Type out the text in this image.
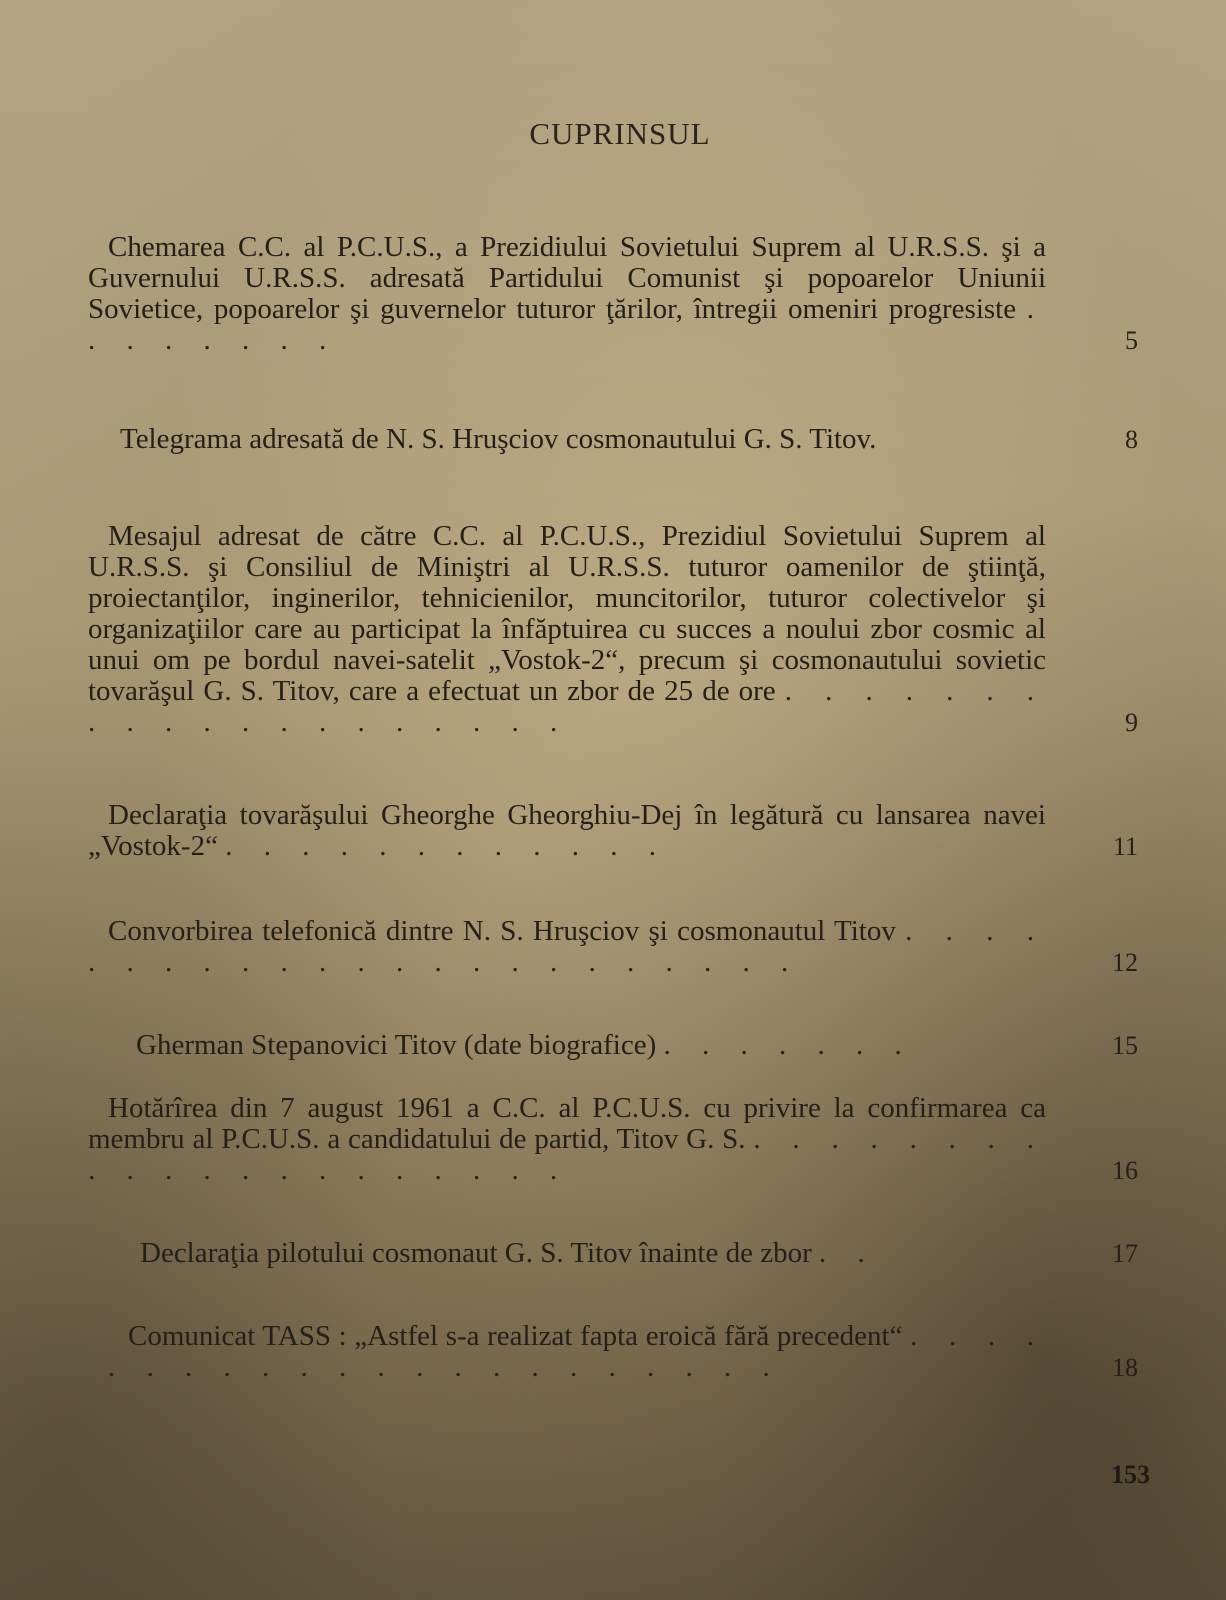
CUPRINSUL
Chemarea C.C. al P.C.U.S., a Prezidiului Sovietului Suprem al U.R.S.S. şi a Guvernului U.R.S.S. adresată Partidului Comunist şi popoarelor Uniunii Sovietice, popoarelor şi guvernelor tuturor ţărilor, întregii omeniri progresiste . . . . . . . .	5
Telegrama adresată de N. S. Hruşciov cosmonautului G. S. Titov.	8
Mesajul adresat de către C.C. al P.C.U.S., Prezidiul Sovietului Suprem al U.R.S.S. şi Consiliul de Miniştri al U.R.S.S. tuturor oamenilor de ştiinţă, proiectanţilor, inginerilor, tehnicienilor, muncitorilor, tuturor colectivelor şi organizaţiilor care au participat la înfăptuirea cu succes a noului zbor cosmic al unui om pe bordul navei-satelit „Vostok-2“, precum şi cosmonautului sovietic tovarăşul G. S. Titov, care a efectuat un zbor de 25 de ore . . . . . . . . . . . . . . . . . . . .	9
Declaraţia tovarăşului Gheorghe Gheorghiu-Dej în legătură cu lansarea navei „Vostok-2“ . . . . . . . . . . . .	11
Convorbirea telefonică dintre N. S. Hruşciov şi cosmonautul Titov . . . . . . . . . . . . . . . . . . . . . . .	12
Gherman Stepanovici Titov (date biografice) . . . . . . .	15
Hotărîrea din 7 august 1961 a C.C. al P.C.U.S. cu privire la confirmarea ca membru al P.C.U.S. a candidatului de partid, Titov G. S. . . . . . . . . . . . . . . . . . . . . .	16
Declaraţia pilotului cosmonaut G. S. Titov înainte de zbor . .	17
Comunicat TASS : „Astfel s-a realizat fapta eroică fără precedent“ . . . . . . . . . . . . . . . . . . . . . .	18
153
